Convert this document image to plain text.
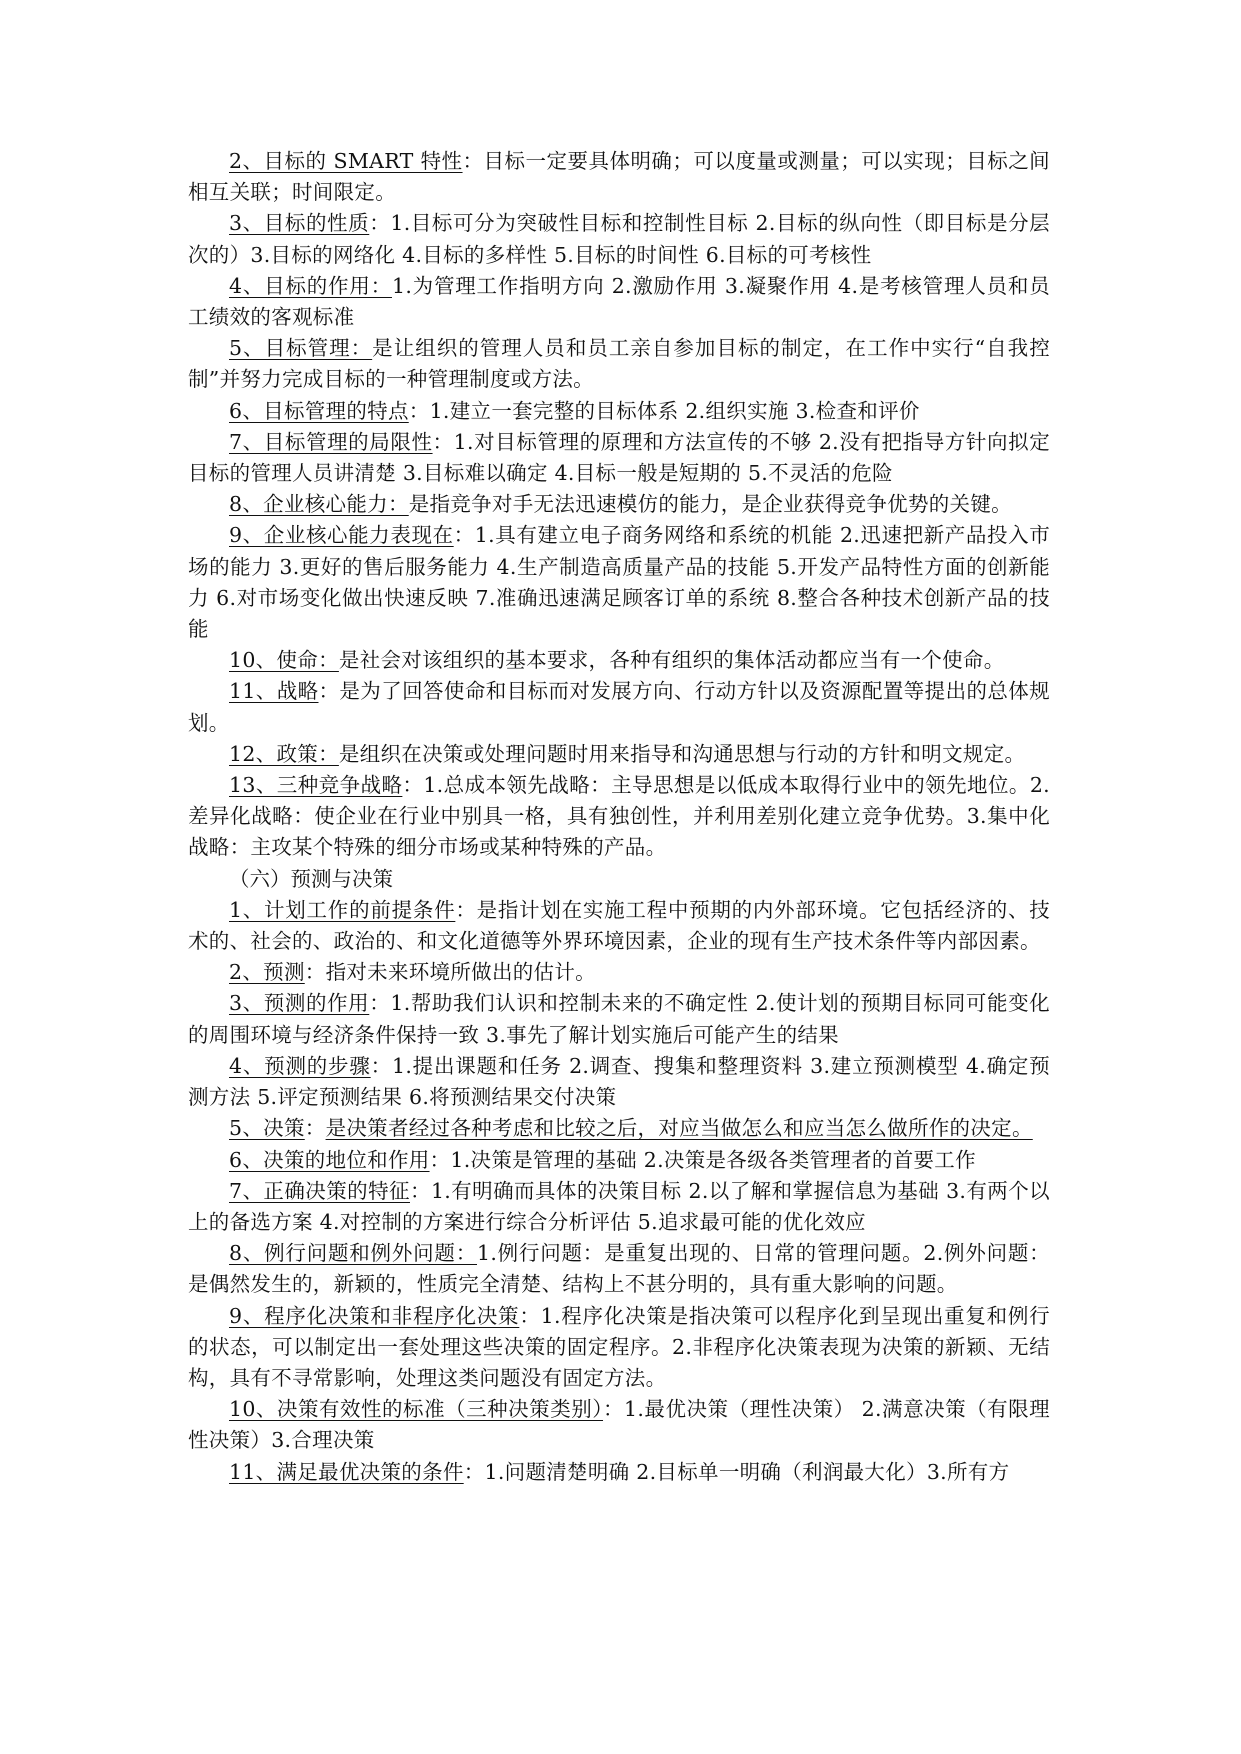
2、目标的 SMART 特性：目标一定要具体明确；可以度量或测量；可以实现；目标之间相互关联；时间限定。

3、目标的性质：1.目标可分为突破性目标和控制性目标 2.目标的纵向性（即目标是分层次的）3.目标的网络化 4.目标的多样性 5.目标的时间性 6.目标的可考核性

4、目标的作用：1.为管理工作指明方向 2.激励作用 3.凝聚作用 4.是考核管理人员和员工绩效的客观标准

5、目标管理：是让组织的管理人员和员工亲自参加目标的制定，在工作中实行“自我控制”并努力完成目标的一种管理制度或方法。

6、目标管理的特点：1.建立一套完整的目标体系 2.组织实施 3.检查和评价

7、目标管理的局限性：1.对目标管理的原理和方法宣传的不够 2.没有把指导方针向拟定目标的管理人员讲清楚 3.目标难以确定 4.目标一般是短期的 5.不灵活的危险

8、企业核心能力：是指竞争对手无法迅速模仿的能力，是企业获得竞争优势的关键。

9、企业核心能力表现在：1.具有建立电子商务网络和系统的机能 2.迅速把新产品投入市场的能力 3.更好的售后服务能力 4.生产制造高质量产品的技能 5.开发产品特性方面的创新能力 6.对市场变化做出快速反映 7.准确迅速满足顾客订单的系统 8.整合各种技术创新产品的技能

10、使命：是社会对该组织的基本要求，各种有组织的集体活动都应当有一个使命。

11、战略：是为了回答使命和目标而对发展方向、行动方针以及资源配置等提出的总体规划。

12、政策：是组织在决策或处理问题时用来指导和沟通思想与行动的方针和明文规定。

13、三种竞争战略：1.总成本领先战略：主导思想是以低成本取得行业中的领先地位。2.差异化战略：使企业在行业中别具一格，具有独创性，并利用差别化建立竞争优势。3.集中化战略：主攻某个特殊的细分市场或某种特殊的产品。

（六）预测与决策

1、计划工作的前提条件：是指计划在实施工程中预期的内外部环境。它包括经济的、技术的、社会的、政治的、和文化道德等外界环境因素，企业的现有生产技术条件等内部因素。

2、预测：指对未来环境所做出的估计。

3、预测的作用：1.帮助我们认识和控制未来的不确定性 2.使计划的预期目标同可能变化的周围环境与经济条件保持一致 3.事先了解计划实施后可能产生的结果

4、预测的步骤：1.提出课题和任务 2.调查、搜集和整理资料 3.建立预测模型 4.确定预测方法 5.评定预测结果 6.将预测结果交付决策

5、决策：是决策者经过各种考虑和比较之后，对应当做怎么和应当怎么做所作的决定。

6、决策的地位和作用：1.决策是管理的基础 2.决策是各级各类管理者的首要工作

7、正确决策的特征：1.有明确而具体的决策目标 2.以了解和掌握信息为基础 3.有两个以上的备选方案 4.对控制的方案进行综合分析评估 5.追求最可能的优化效应

8、例行问题和例外问题：1.例行问题：是重复出现的、日常的管理问题。2.例外问题：是偶然发生的，新颖的，性质完全清楚、结构上不甚分明的，具有重大影响的问题。

9、程序化决策和非程序化决策：1.程序化决策是指决策可以程序化到呈现出重复和例行的状态，可以制定出一套处理这些决策的固定程序。2.非程序化决策表现为决策的新颖、无结构，具有不寻常影响，处理这类问题没有固定方法。

10、决策有效性的标准（三种决策类别）：1.最优决策（理性决策） 2.满意决策（有限理性决策）3.合理决策

11、满足最优决策的条件：1.问题清楚明确 2.目标单一明确（利润最大化）3.所有方
